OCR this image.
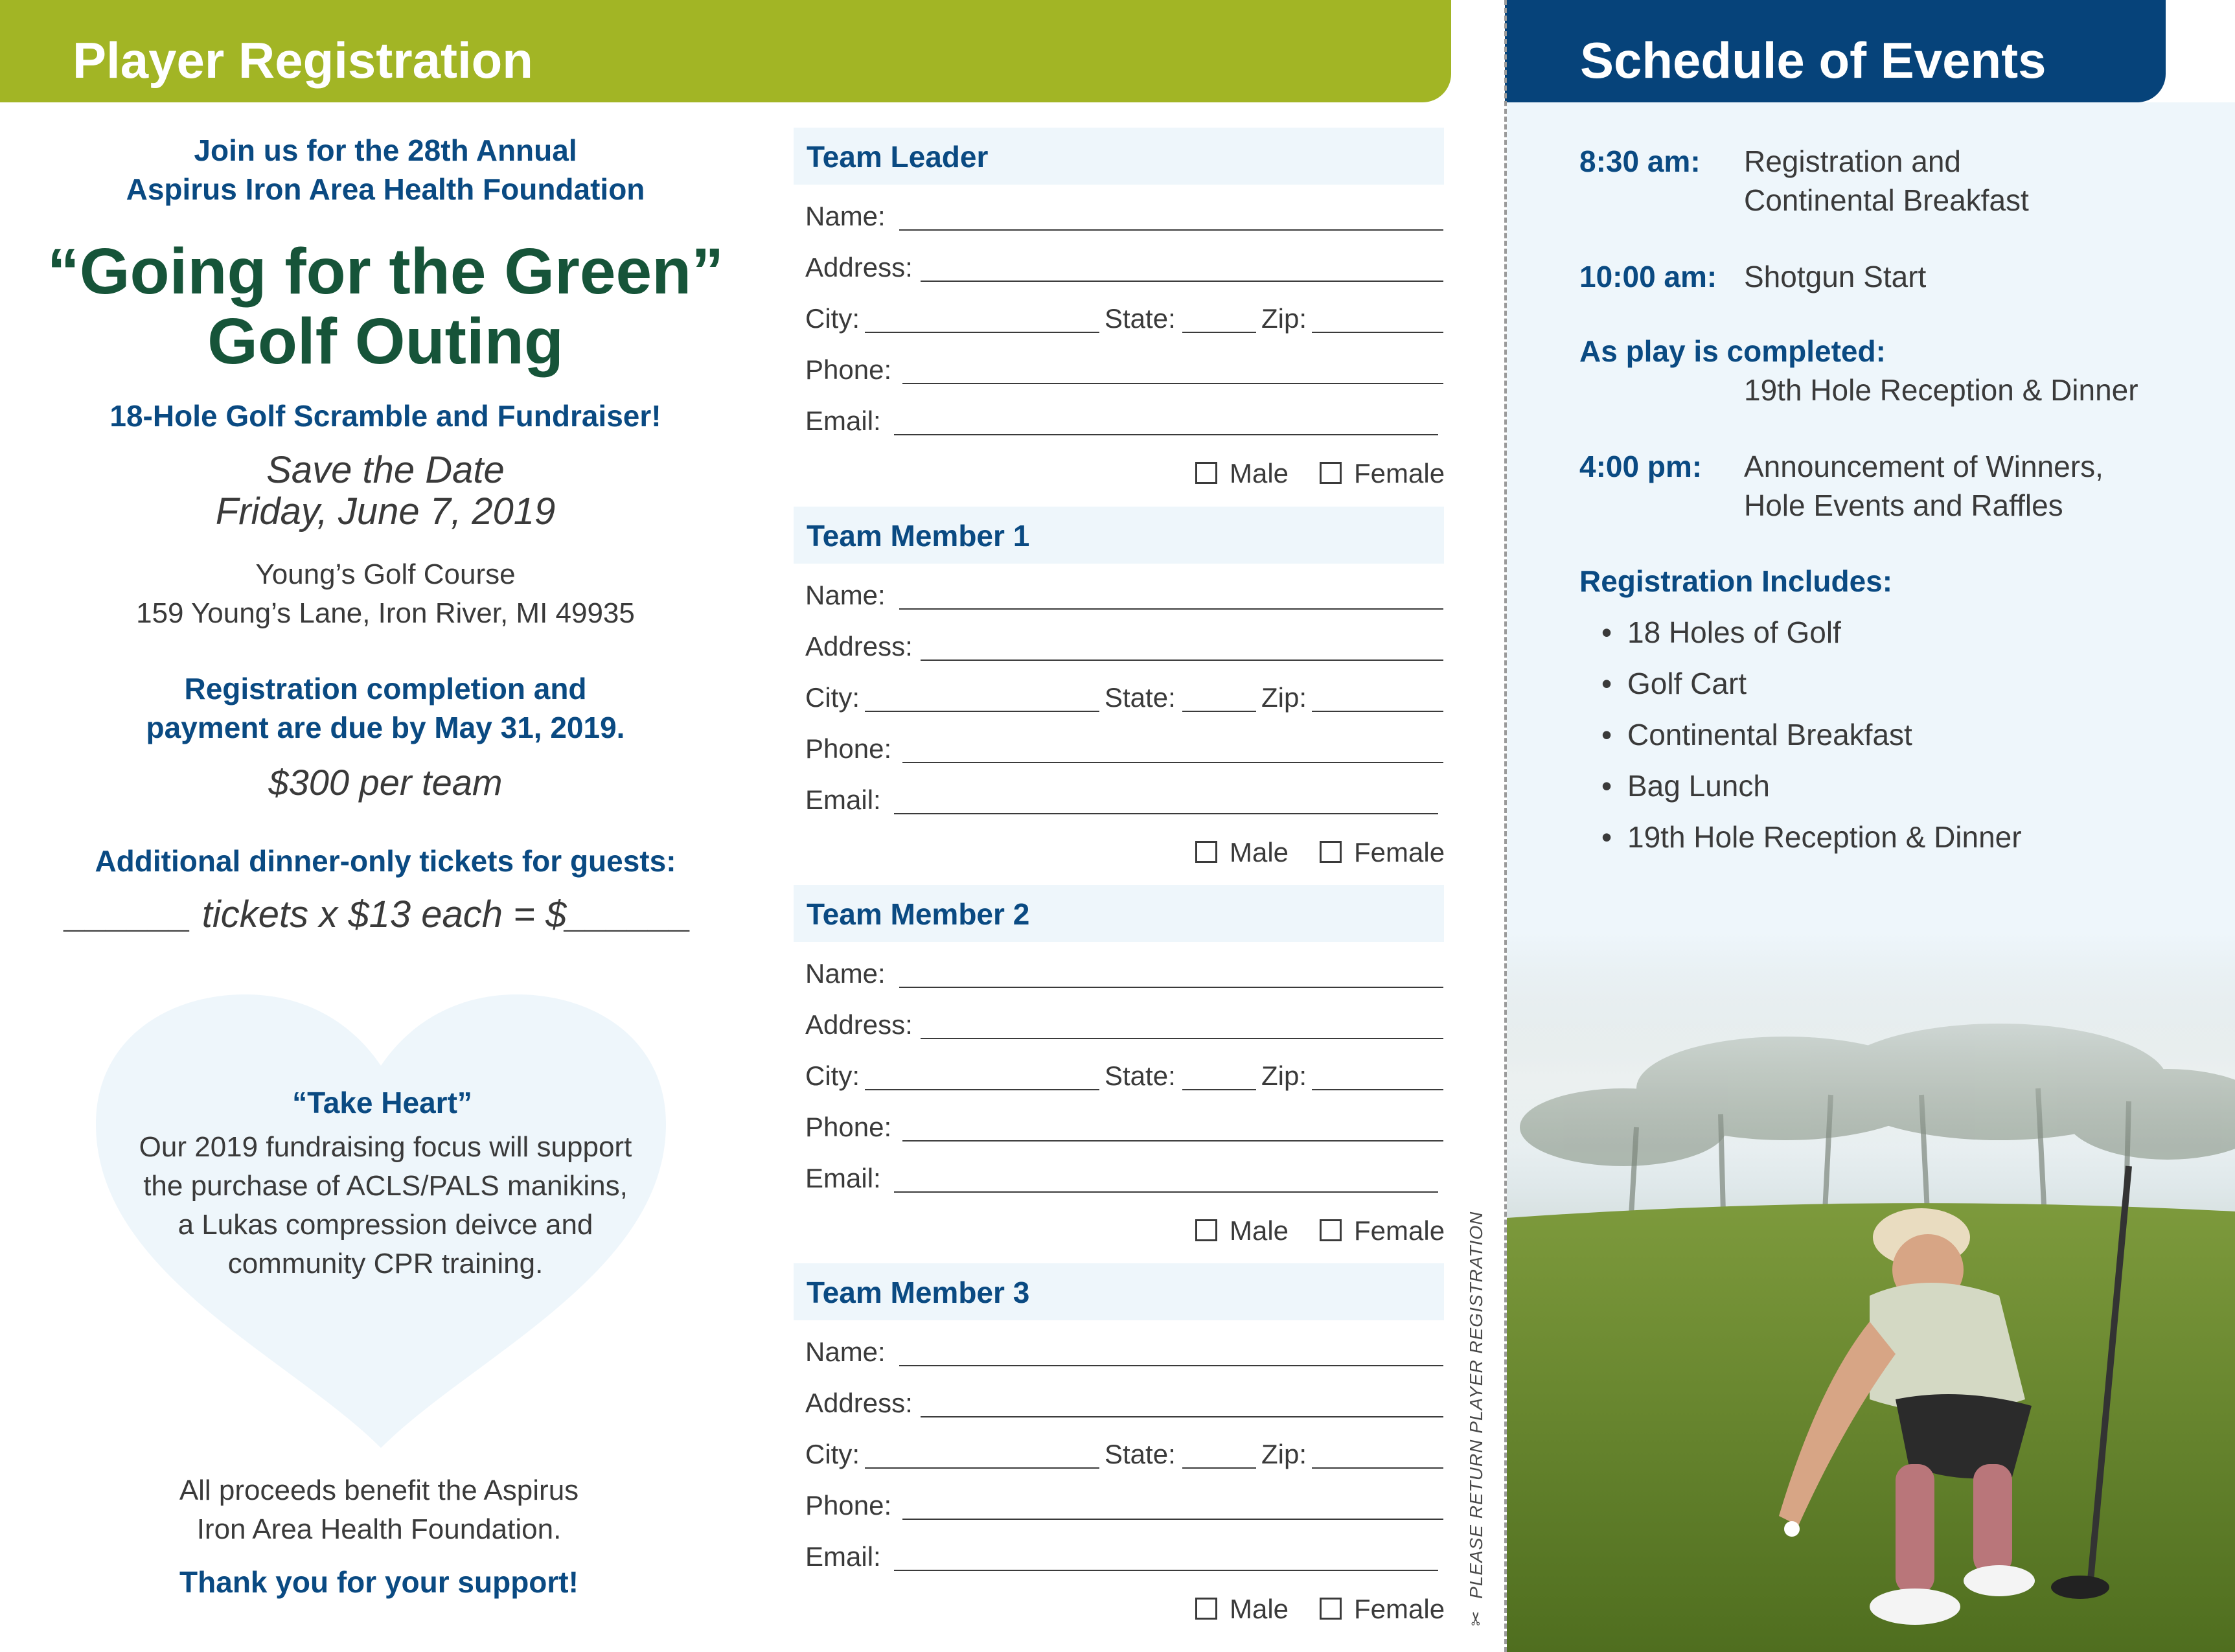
Player Registration	Schedule of Events
Join us for the 28th Annual
Aspirus Iron Area Health Foundation
“Going for the Green”
Golf Outing
18-Hole Golf Scramble and Fundraiser!
Save the Date
Friday, June 7, 2019
Young’s Golf Course
159 Young’s Lane, Iron River, MI 49935
Registration completion and
payment are due by May 31, 2019.
$300 per team
Additional dinner-only tickets for guests:
______ tickets x $13 each = $______
“Take Heart”
Our 2019 fundraising focus will support
the purchase of ACLS/PALS manikins,
a Lukas compression deivce and
community CPR training.
All proceeds benefit the Aspirus
Iron Area Health Foundation.
Thank you for your support!
Team Leader
Name:
Address:
City:	State:	Zip:
Phone:
Email:
Male Female
Team Member 1
Name:
Address:
City:	State:	Zip:
Phone:
Email:
Male Female
Team Member 2
Name:
Address:
City:	State:	Zip:
Phone:
Email:
Male Female
Team Member 3
Name:
Address:
City:	State:	Zip:
Phone:
Email:
Male Female ✂  PLEASE RETURN PLAYER REGISTRATION
8:30 am: Registration and
Continental Breakfast
10:00 am: Shotgun Start
As play is completed:
19th Hole Reception & Dinner
4:00 pm: Announcement of Winners,
Hole Events and Raffles
Registration Includes:
• 18 Holes of Golf
• Golf Cart
• Continental Breakfast
• Bag Lunch
• 19th Hole Reception & Dinner
